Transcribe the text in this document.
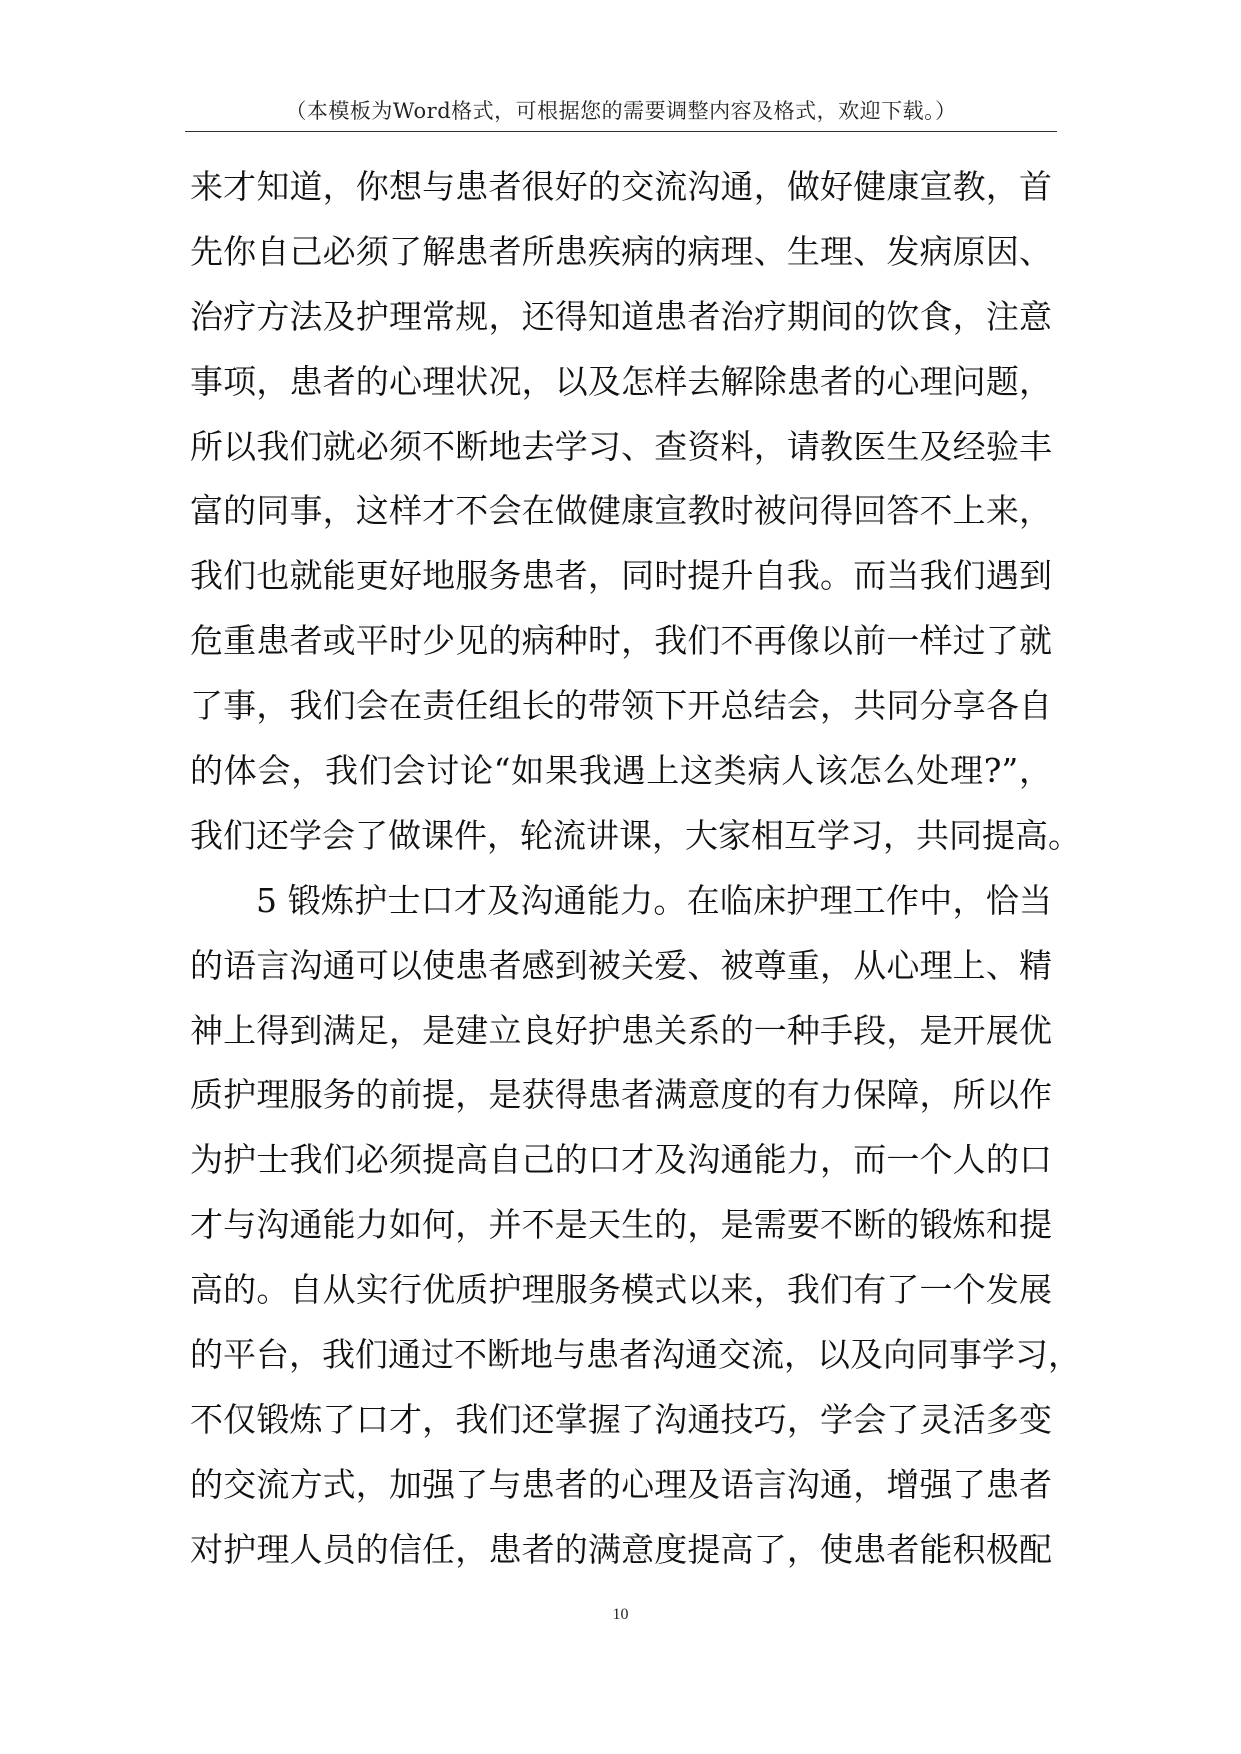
（本模板为Word格式，可根据您的需要调整内容及格式，欢迎下载。）
来才知道，你想与患者很好的交流沟通，做好健康宣教，首
先你自己必须了解患者所患疾病的病理、生理、发病原因、
治疗方法及护理常规，还得知道患者治疗期间的饮食，注意
事项，患者的心理状况，以及怎样去解除患者的心理问题，
所以我们就必须不断地去学习、查资料，请教医生及经验丰
富的同事，这样才不会在做健康宣教时被问得回答不上来，
我们也就能更好地服务患者，同时提升自我。而当我们遇到
危重患者或平时少见的病种时，我们不再像以前一样过了就
了事，我们会在责任组长的带领下开总结会，共同分享各自
的体会，我们会讨论“如果我遇上这类病人该怎么处理?”，
我们还学会了做课件，轮流讲课，大家相互学习，共同提高。
5 锻炼护士口才及沟通能力。在临床护理工作中，恰当
的语言沟通可以使患者感到被关爱、被尊重，从心理上、精
神上得到满足，是建立良好护患关系的一种手段，是开展优
质护理服务的前提，是获得患者满意度的有力保障，所以作
为护士我们必须提高自己的口才及沟通能力，而一个人的口
才与沟通能力如何，并不是天生的，是需要不断的锻炼和提
高的。自从实行优质护理服务模式以来，我们有了一个发展
的平台，我们通过不断地与患者沟通交流，以及向同事学习，
不仅锻炼了口才，我们还掌握了沟通技巧，学会了灵活多变
的交流方式，加强了与患者的心理及语言沟通，增强了患者
对护理人员的信任，患者的满意度提高了，使患者能积极配
10
